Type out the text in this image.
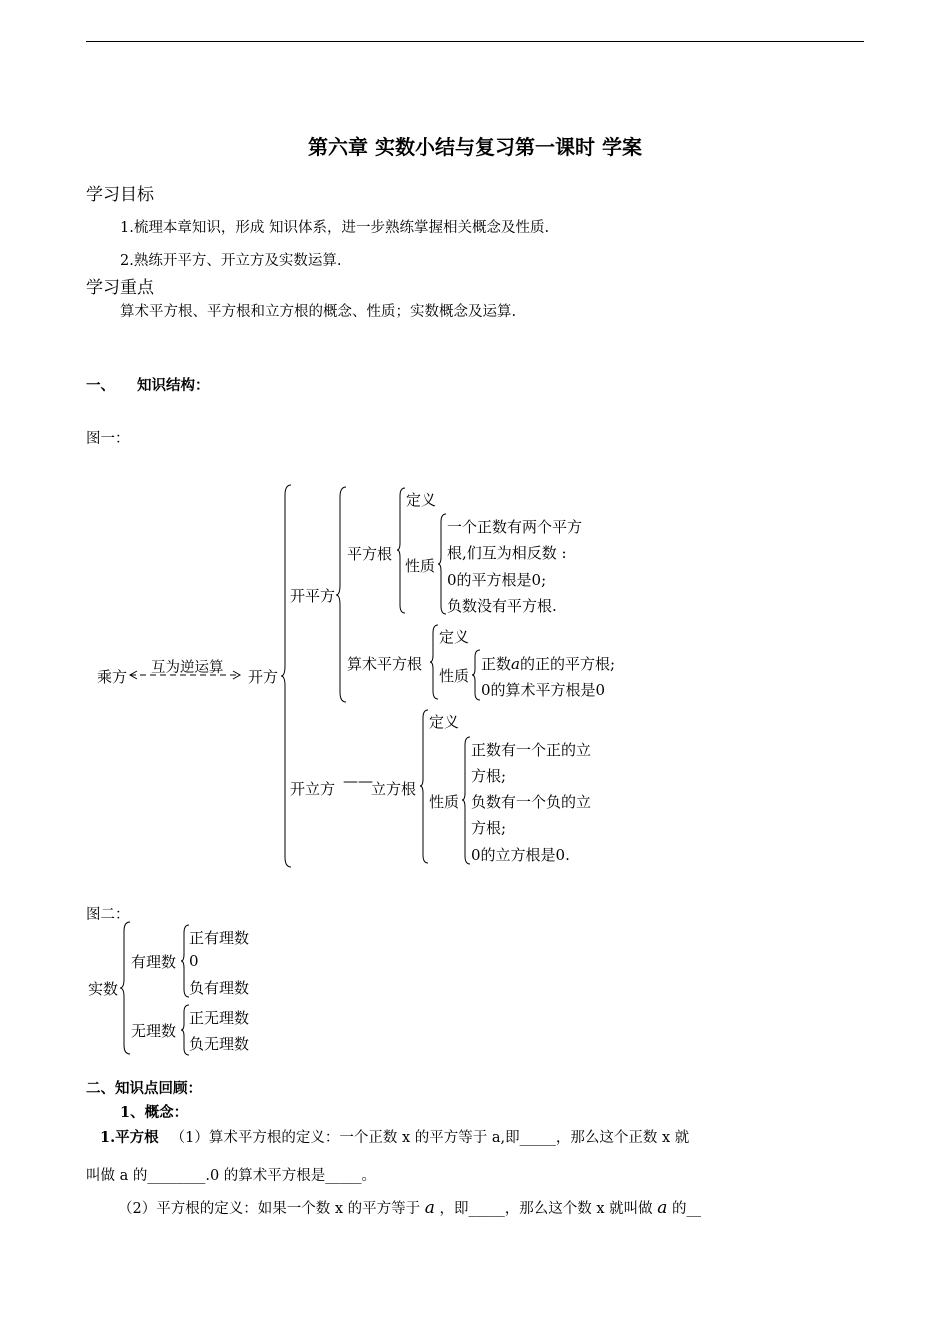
第六章 实数小结与复习第一课时 学案
学习目标
1.梳理本章知识，形成 知识体系，进一步熟练掌握相关概念及性质.
2.熟练开平方、开立方及实数运算.
学习重点
算术平方根、平方根和立方根的概念、性质；实数概念及运算.
一、 知识结构：
图一：
乘方 互为逆运算 开方
开平方
开立方 ——
平方根
定义
性质
一个正数有两个平方
根,们互为相反数 :
0的平方根是0;
负数没有平方根.
算术平方根
定义
性质
正数a的正的平方根;
0的算术平方根是0
立方根
定义
性质
正数有一个正的立
方根;
负数有一个负的立
方根;
0的立方根是0.
图二：
实数
有理数
正有理数
0
负有理数
无理数
正无理数
负无理数
二、知识点回顾：
1、概念：
1.平方根 （1）算术平方根的定义：一个正数 x 的平方等于 a,即_____，那么这个正数 x 就
叫做 a 的________.0 的算术平方根是_____。
（2）平方根的定义：如果一个数 x 的平方等于 a ，即_____，那么这个数 x 就叫做 a 的__
